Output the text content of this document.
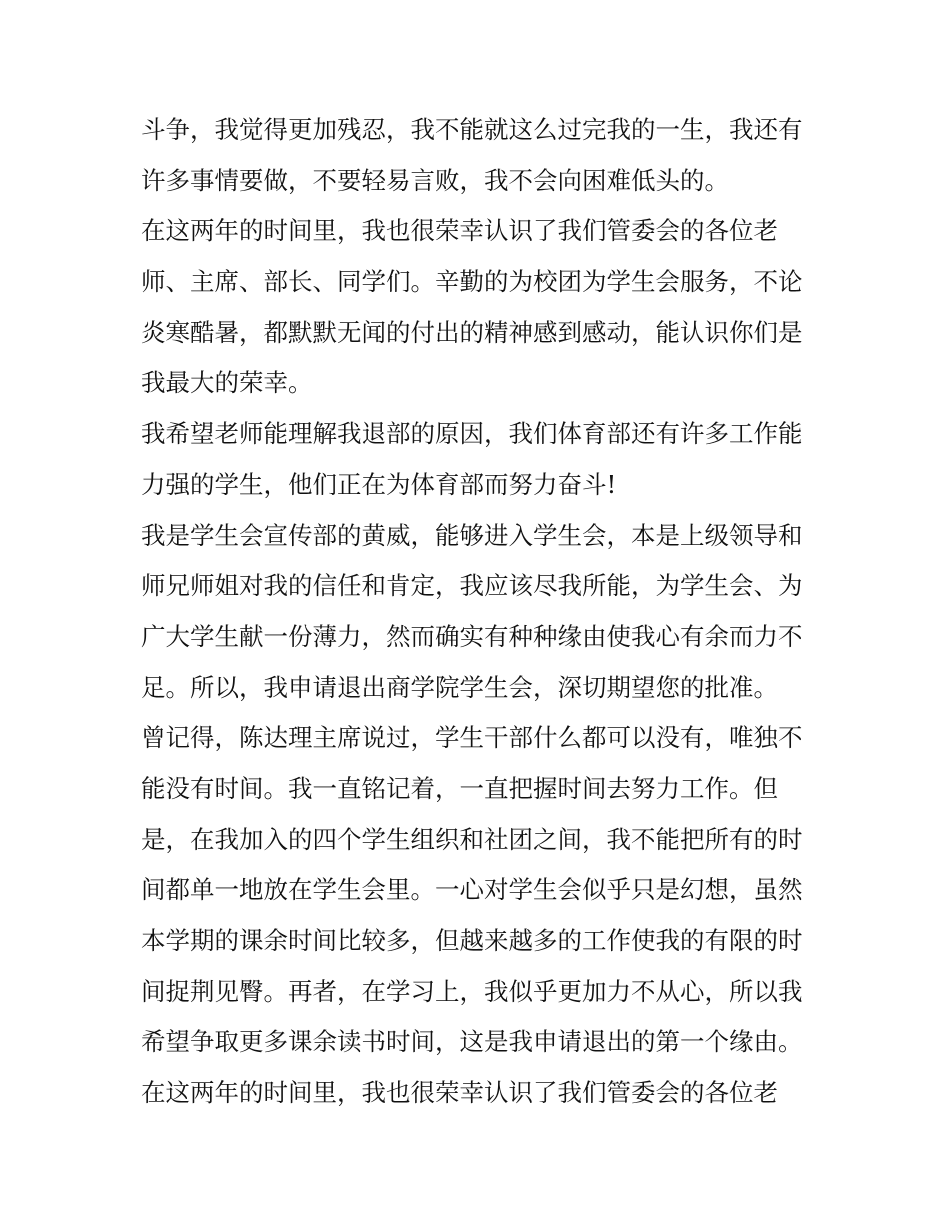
斗争，我觉得更加残忍，我不能就这么过完我的一生，我还有
许多事情要做，不要轻易言败，我不会向困难低头的。
在这两年的时间里，我也很荣幸认识了我们管委会的各位老
师、主席、部长、同学们。辛勤的为校团为学生会服务，不论
炎寒酷暑，都默默无闻的付出的精神感到感动，能认识你们是
我最大的荣幸。
我希望老师能理解我退部的原因，我们体育部还有许多工作能
力强的学生，他们正在为体育部而努力奋斗!
我是学生会宣传部的黄威，能够进入学生会，本是上级领导和
师兄师姐对我的信任和肯定，我应该尽我所能，为学生会、为
广大学生献一份薄力，然而确实有种种缘由使我心有余而力不
足。所以，我申请退出商学院学生会，深切期望您的批准。
曾记得，陈达理主席说过，学生干部什么都可以没有，唯独不
能没有时间。我一直铭记着，一直把握时间去努力工作。但
是，在我加入的四个学生组织和社团之间，我不能把所有的时
间都单一地放在学生会里。一心对学生会似乎只是幻想，虽然
本学期的课余时间比较多，但越来越多的工作使我的有限的时
间捉荆见臀。再者，在学习上，我似乎更加力不从心，所以我
希望争取更多课余读书时间，这是我申请退出的第一个缘由。
在这两年的时间里，我也很荣幸认识了我们管委会的各位老
